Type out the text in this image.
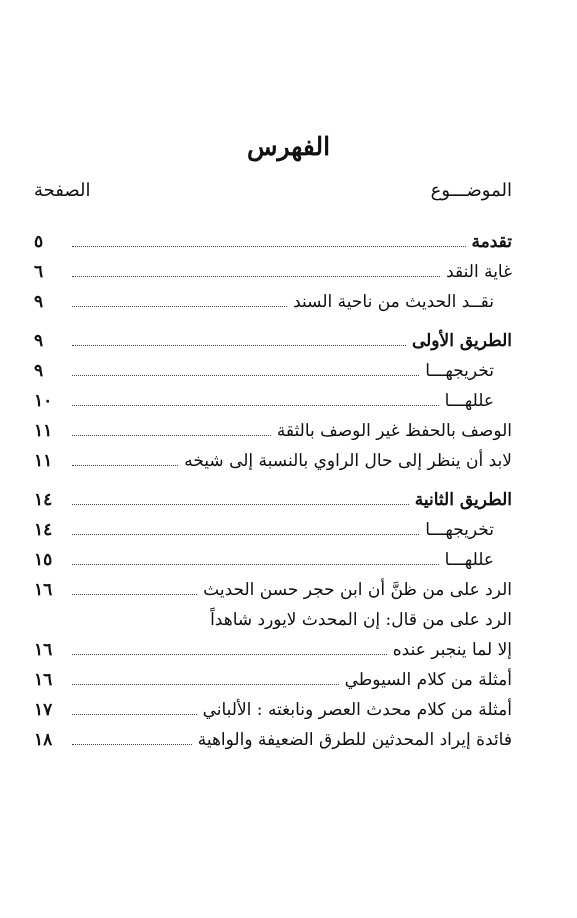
الفهرس
الموضـــوع
الصفحة
تقدمة
٥
غاية النقد
٦
نقــد الحديث من ناحية السند
٩
الطريق الأولى
٩
تخريجهـــا
٩
عللهـــا
١٠
الوصف بالحفظ غير الوصف بالثقة
١١
لابد أن ينظر إلى حال الراوي بالنسبة إلى شيخه
١١
الطريق الثانية
١٤
تخريجهـــا
١٤
عللهـــا
١٥
الرد على من ظنَّ أن ابن حجر حسن الحديث
١٦
الرد على من قال: إن المحدث لايورد شاهداً
إلا لما ينجبر عنده
١٦
أمثلة من كلام السيوطي
١٦
أمثلة من كلام محدث العصر ونابغته : الألباني
١٧
فائدة إيراد المحدثين للطرق الضعيفة والواهية
١٨
